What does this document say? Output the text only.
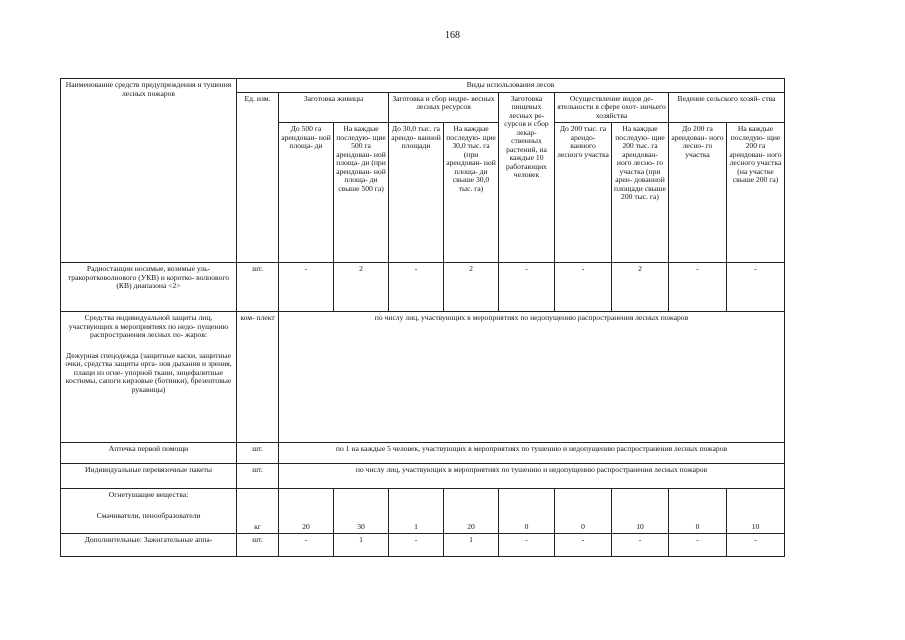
168
Наименование средств предупреждения и тушения лесных пожаров	Виды использования лесов									
	Ед. изм.	Заготовка живицы		Заготовка и сбор недре- весных лесных ресурсов		Заготовка пищевых лесных ре- сурсов и сбор лекар- ственных растений, на каждые 10 работающих человек	Осуществление видов де- ятельности в сфере охот- ничьего хозяйства		Ведение сельского хозяй- ства	
		До 500 га арендован- ной площа- ди	На каждые последую- щие 500 га арендован- ной площа- ди (при арендован- ной площа- ди свыше 500 га)	До 30,0 тыс. га арендо- ванной площади	На каждые последую- щие 30,0 тыс. га (при арендован- ной площа- ди свыше 30,0 тыс. га)		До 200 тыс. га арендо- ванного лесного участка	На каждые последую- щие 200 тыс. га арендован- ного лесно- го участка (при арен- дованной площади свыше 200 тыс. га)	До 200 га арендован- ного лесно- го участка	На каждые последую- щие 200 га арендован- ного лесного участка (на участке свыше 200 га)
Радиостанции носимые, возимые уль- тракоротковолнового (УКВ) и коротко- волнового (КВ) диапазона <2>	шт.	-	2	-	2	-	-	2	-	-
Средства индивидуальной защиты лиц, участвующих в мероприятиях по недо- пущению распространения лесных по- жаров:
Дежурная спецодежда (защитные каски, защитные очки, средства защиты орга- нов дыхания и зрения, плащи из огне- упорной ткани, энцефалитные костюмы, сапоги кирзовые (ботинки), брезентовые рукавицы)	ком- плект	по числу лиц, участвующих в мероприятиях по недопущению распространения лесных пожаров								
Аптечка первой помощи	шт.	по 1 на каждые 5 человек, участвующих в мероприятиях по тушению и недопущению распространения лесных пожаров								
Индивидуальные перевязочные пакеты	шт.	по числу лиц, участвующих в мероприятиях по тушению и недопущению распространения лесных пожаров								
Огнетушащие вещества:
Смачиватели, пенообразователи	кг	20	30	1	20	0	0	10	0	10
Дополнительные: Зажигательные аппа-	шт.	-	1	-	1	-	-	-	-	-
